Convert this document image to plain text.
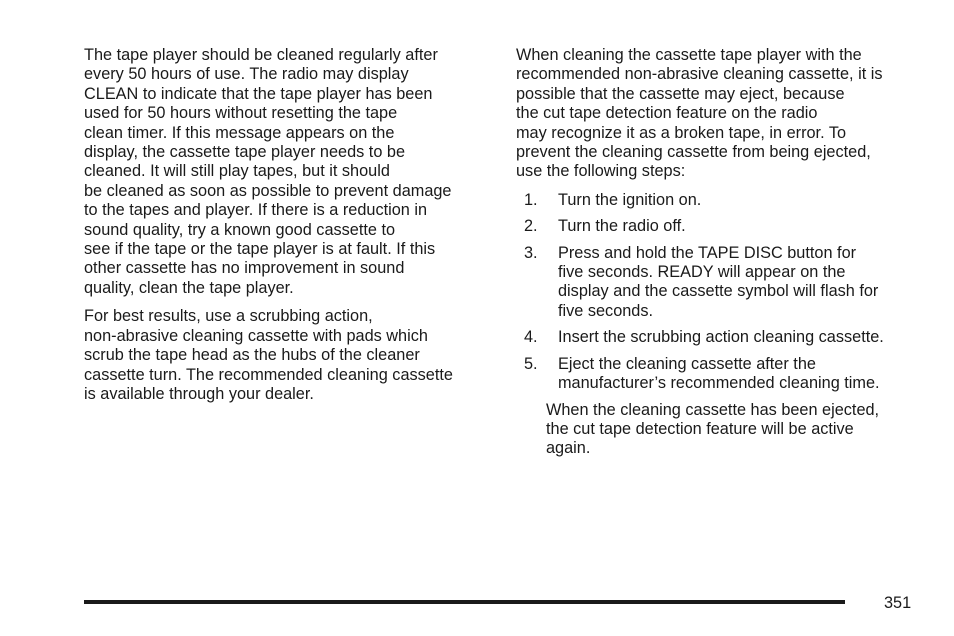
The tape player should be cleaned regularly after
every 50 hours of use. The radio may display
CLEAN to indicate that the tape player has been
used for 50 hours without resetting the tape
clean timer. If this message appears on the
display, the cassette tape player needs to be
cleaned. It will still play tapes, but it should
be cleaned as soon as possible to prevent damage
to the tapes and player. If there is a reduction in
sound quality, try a known good cassette to
see if the tape or the tape player is at fault. If this
other cassette has no improvement in sound
quality, clean the tape player.

For best results, use a scrubbing action,
non-abrasive cleaning cassette with pads which
scrub the tape head as the hubs of the cleaner
cassette turn. The recommended cleaning cassette
is available through your dealer.

When cleaning the cassette tape player with the
recommended non-abrasive cleaning cassette, it is
possible that the cassette may eject, because
the cut tape detection feature on the radio
may recognize it as a broken tape, in error. To
prevent the cleaning cassette from being ejected,
use the following steps:

1. Turn the ignition on.
2. Turn the radio off.
3. Press and hold the TAPE DISC button for
five seconds. READY will appear on the
display and the cassette symbol will flash for
five seconds.
4. Insert the scrubbing action cleaning cassette.
5. Eject the cleaning cassette after the
manufacturer’s recommended cleaning time.

When the cleaning cassette has been ejected,
the cut tape detection feature will be active
again.

351
